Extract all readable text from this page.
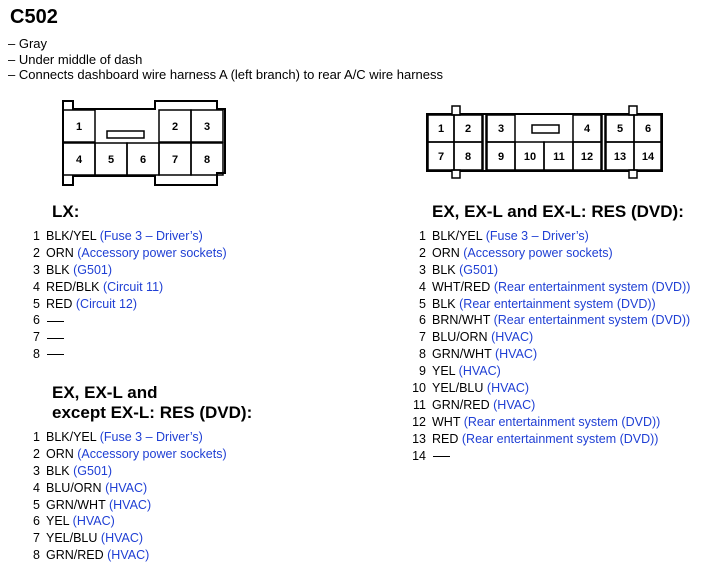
C502
– Gray
– Under middle of dash
– Connects dashboard wire harness A (left branch) to rear A/C wire harness
1	2 3
4 5 6 7 8
1 2 3	4 5 6
7 8 9 10 11 12 13 14
LX:
1 BLK/YEL (Fuse 3 – Driver’s)
2 ORN (Accessory power sockets)
3 BLK (G501)
4 RED/BLK (Circuit 11)
5 RED (Circuit 12)
6
7
8
EX, EX-L and
except EX-L: RES (DVD):
1 BLK/YEL (Fuse 3 – Driver’s)
2 ORN (Accessory power sockets)
3 BLK (G501)
4 BLU/ORN (HVAC)
5 GRN/WHT (HVAC)
6 YEL (HVAC)
7 YEL/BLU (HVAC)
8 GRN/RED (HVAC)
EX, EX-L and EX-L: RES (DVD):
1 BLK/YEL (Fuse 3 – Driver’s)
2 ORN (Accessory power sockets)
3 BLK (G501)
4 WHT/RED (Rear entertainment system (DVD))
5 BLK (Rear entertainment system (DVD))
6 BRN/WHT (Rear entertainment system (DVD))
7 BLU/ORN (HVAC)
8 GRN/WHT (HVAC)
9 YEL (HVAC)
10 YEL/BLU (HVAC)
11 GRN/RED (HVAC)
12 WHT (Rear entertainment system (DVD))
13 RED (Rear entertainment system (DVD))
14
